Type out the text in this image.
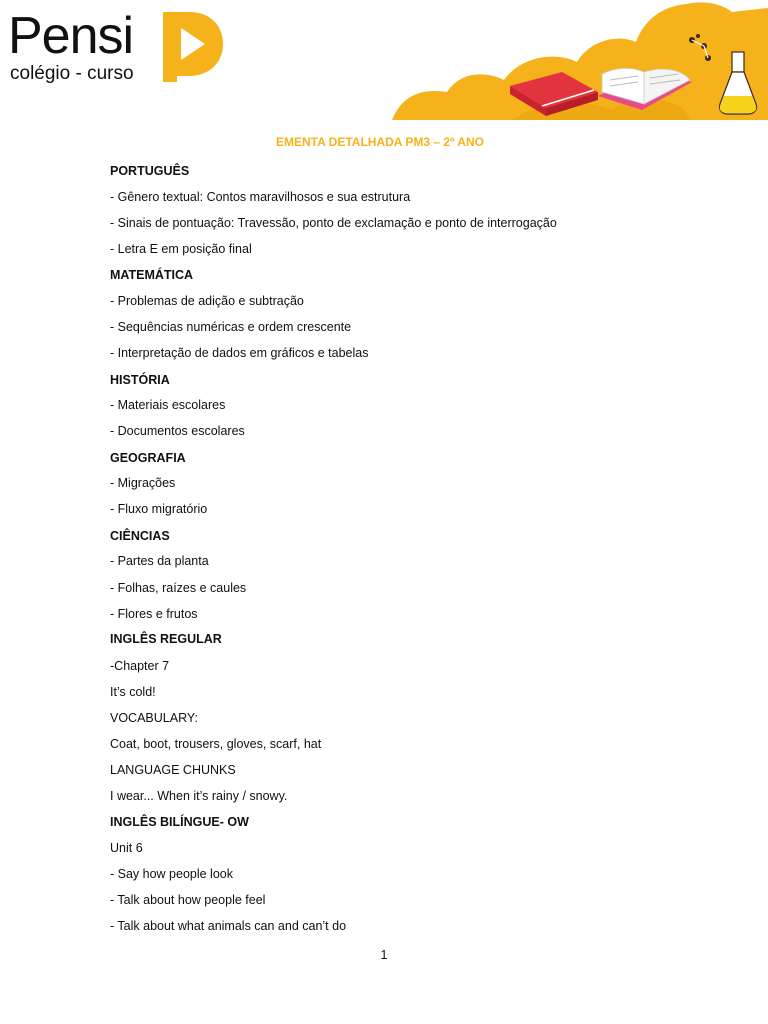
Pensi
colégio - curso
EMENTA DETALHADA PM3 – 2º ANO
PORTUGUÊS
- Gênero textual: Contos maravilhosos e sua estrutura
- Sinais de pontuação: Travessão, ponto de exclamação e ponto de interrogação
- Letra E em posição final
MATEMÁTICA
- Problemas de adição e subtração
- Sequências numéricas e ordem crescente
- Interpretação de dados em gráficos e tabelas
HISTÓRIA
- Materiais escolares
- Documentos escolares
GEOGRAFIA
- Migrações
- Fluxo migratório
CIÊNCIAS
- Partes da planta
- Folhas, raízes e caules
- Flores e frutos
INGLÊS REGULAR
-Chapter 7
It’s cold!
VOCABULARY:
Coat, boot, trousers, gloves, scarf, hat
LANGUAGE CHUNKS
I wear... When it’s rainy / snowy.
INGLÊS BILÍNGUE- OW
Unit 6
- Say how people look
- Talk about how people feel
- Talk about what animals can and can’t do
1
